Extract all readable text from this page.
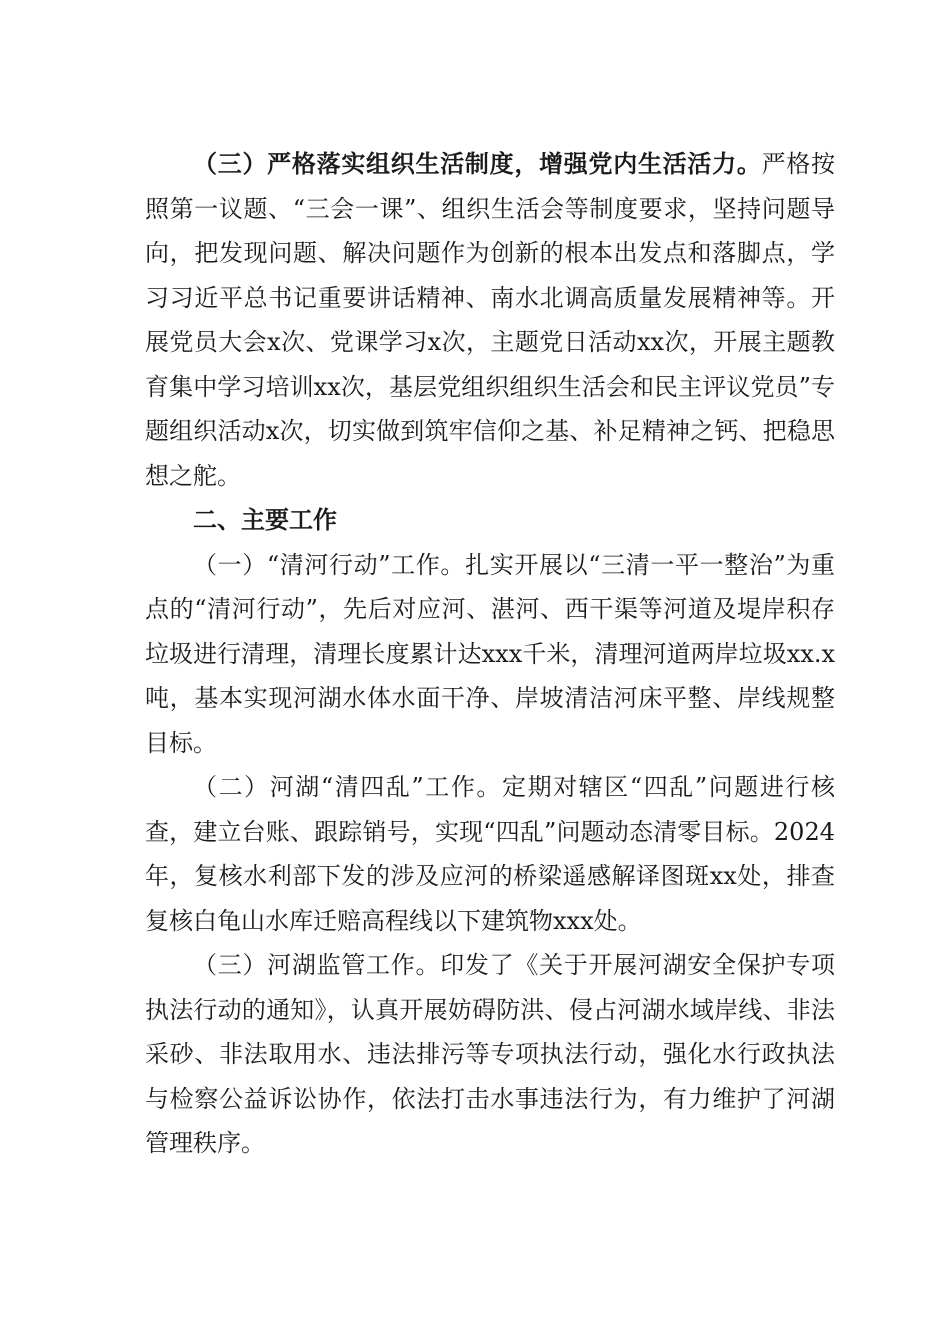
（三）严格落实组织生活制度，增强党内生活活力。严格按照第一议题、“三会一课”、组织生活会等制度要求，坚持问题导向，把发现问题、解决问题作为创新的根本出发点和落脚点，学习习近平总书记重要讲话精神、南水北调高质量发展精神等。开展党员大会x次、党课学习x次，主题党日活动xx次，开展主题教育集中学习培训xx次，基层党组织组织生活会和民主评议党员”专题组织活动x次，切实做到筑牢信仰之基、补足精神之钙、把稳思想之舵。

二、主要工作

（一）“清河行动”工作。扎实开展以“三清一平一整治”为重点的“清河行动”，先后对应河、湛河、西干渠等河道及堤岸积存垃圾进行清理，清理长度累计达xxx千米，清理河道两岸垃圾xx.x吨，基本实现河湖水体水面干净、岸坡清洁河床平整、岸线规整目标。

（二）河湖“清四乱”工作。定期对辖区“四乱”问题进行核查，建立台账、跟踪销号，实现“四乱”问题动态清零目标。2024年，复核水利部下发的涉及应河的桥梁遥感解译图斑xx处，排查复核白龟山水库迁赔高程线以下建筑物xxx处。

（三）河湖监管工作。印发了《关于开展河湖安全保护专项执法行动的通知》，认真开展妨碍防洪、侵占河湖水域岸线、非法采砂、非法取用水、违法排污等专项执法行动，强化水行政执法与检察公益诉讼协作，依法打击水事违法行为，有力维护了河湖管理秩序。
